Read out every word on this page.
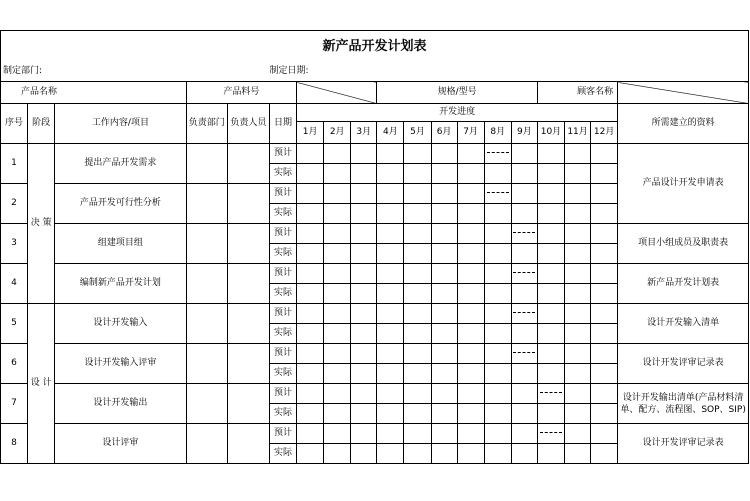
新产品开发计划表																		
制定部门:					制定日期:													
产品名称			产品料号						规格/型号						顾客名称			
序号	阶段	工作内容/项目	负责部门	负责人员	日期	开发进度												所需建立的资料
						1月	2月	3月	4月	5月	6月	7月	8月	9月	10月	11月	12月	
1	决 策	提出产品开发需求			预计													产品设计开发申请表
					实际													
2		产品开发可行性分析			预计													
					实际													
3		组建项目组			预计													项目小组成员及职责表
					实际													
4		编制新产品开发计划			预计													新产品开发计划表
					实际													
5	设 计	设计开发输入			预计													设计开发输入清单
					实际													
6		设计开发输入评审			预计													设计开发评审记录表
					实际													
7		设计开发输出			预计													设计开发输出清单(产品材料清单、配方、流程图、SOP、SIP)
					实际													
8		设计评审			预计													设计开发评审记录表
					实际													
